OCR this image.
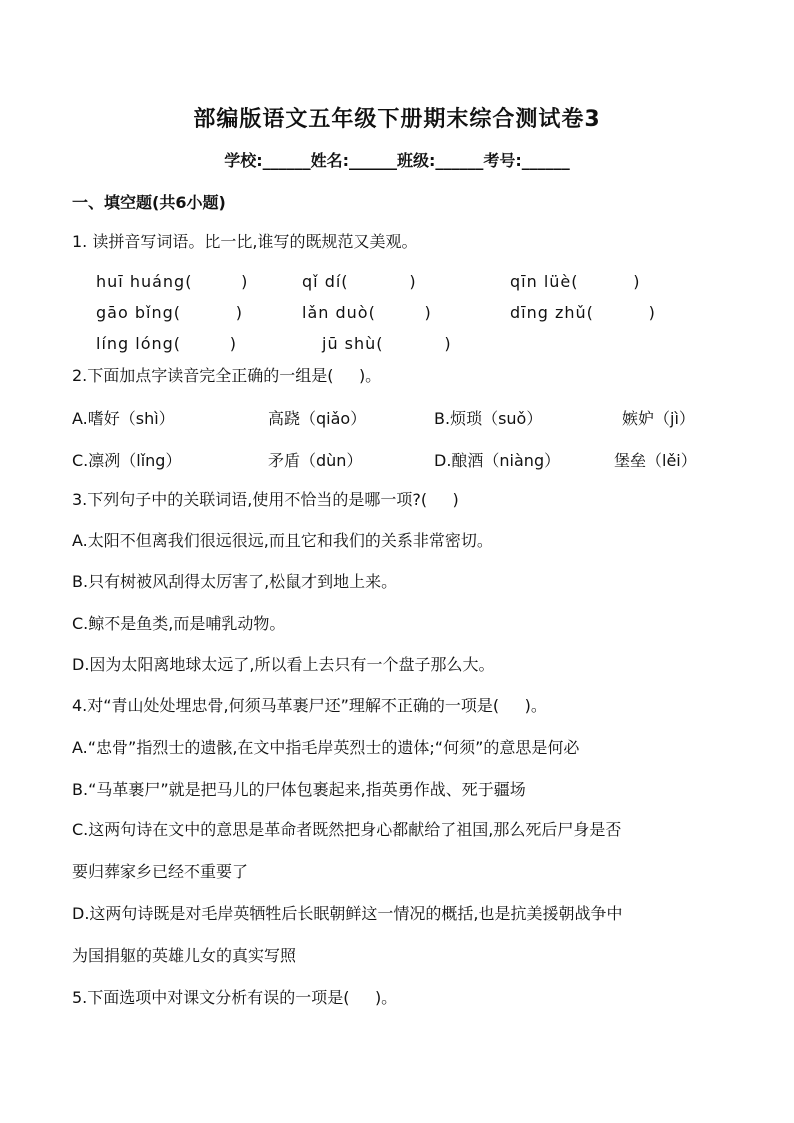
部编版语文五年级下册期末综合测试卷3
学校:______姓名:______班级:______考号:______
一、填空题(共6小题)
1. 读拼音写词语。比一比,谁写的既规范又美观。
huī huáng(        )	qǐ dí(          )	qīn lüè(         )
gāo bǐng(         )	lǎn duò(        )	dīng zhǔ(         )
líng lóng(        )	jū shù(          )
2.下面加点字读音完全正确的一组是(     )。
A.嗜好（shì）	高跷（qiǎo）	B.烦琐（suǒ）	嫉妒（jì）
C.凛冽（lǐng）	矛盾（dùn）	D.酿酒（niàng）	堡垒（lěi）
3.下列句子中的关联词语,使用不恰当的是哪一项?(     )
A.太阳不但离我们很远很远,而且它和我们的关系非常密切。
B.只有树被风刮得太厉害了,松鼠才到地上来。
C.鲸不是鱼类,而是哺乳动物。
D.因为太阳离地球太远了,所以看上去只有一个盘子那么大。
4.对“青山处处埋忠骨,何须马革裹尸还”理解不正确的一项是(     )。
A.“忠骨”指烈士的遗骸,在文中指毛岸英烈士的遗体;“何须”的意思是何必
B.“马革裹尸”就是把马儿的尸体包裹起来,指英勇作战、死于疆场
C.这两句诗在文中的意思是革命者既然把身心都献给了祖国,那么死后尸身是否
要归葬家乡已经不重要了
D.这两句诗既是对毛岸英牺牲后长眠朝鲜这一情况的概括,也是抗美援朝战争中
为国捐躯的英雄儿女的真实写照
5.下面选项中对课文分析有误的一项是(     )。
